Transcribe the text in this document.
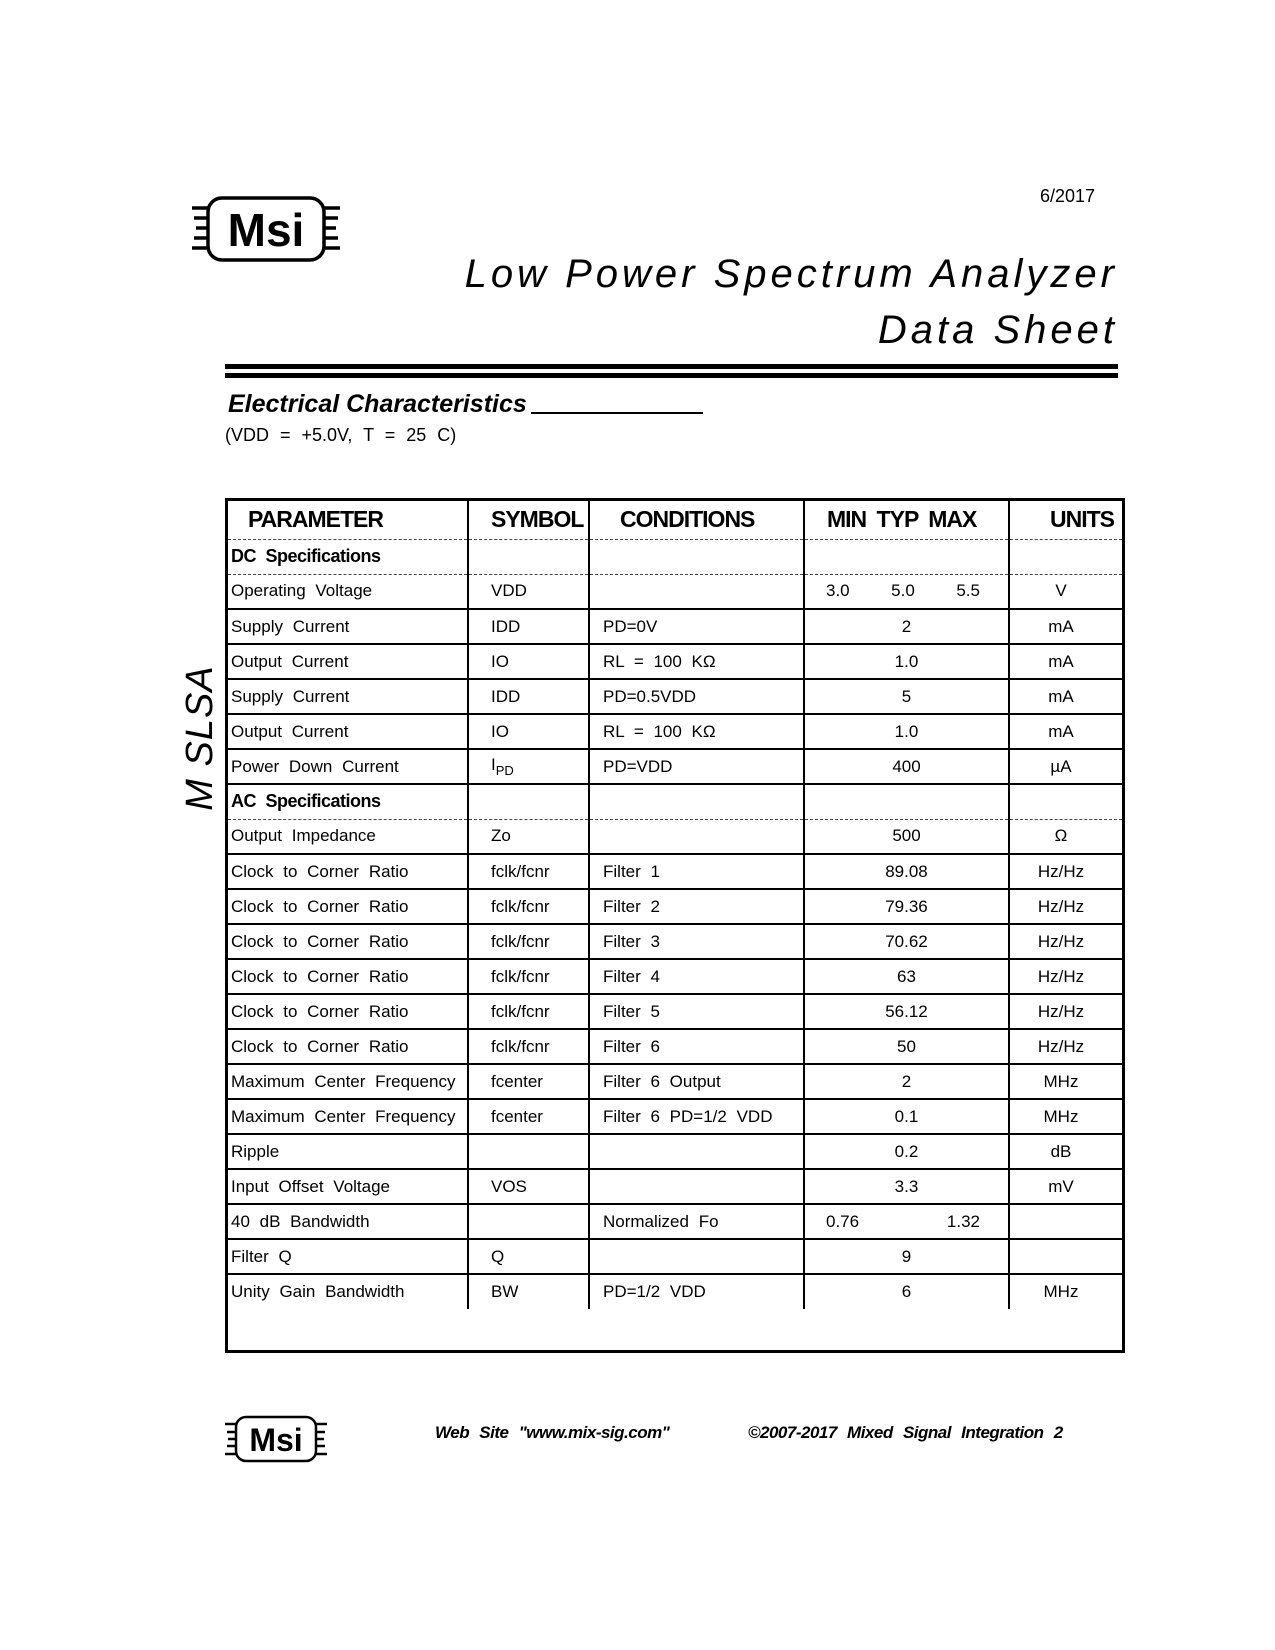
6/2017
Msi
Low Power Spectrum Analyzer
Data Sheet
Electrical Characteristics
(VDD = +5.0V, T = 25 C)
M SLSA
PARAMETER	SYMBOL	CONDITIONS	MIN TYP MAX	UNITS
DC Specifications				
Operating Voltage	VDD		3.0 5.0 5.5	V
Supply Current	IDD	PD=0V	2	mA
Output Current	IO	RL = 100 KΩ	1.0	mA
Supply Current	IDD	PD=0.5VDD	5	mA
Output Current	IO	RL = 100 KΩ	1.0	mA
Power Down Current	$I_{PD}$	PD=VDD	400	µA
AC Specifications				
Output Impedance	Zo		500	Ω
Clock to Corner Ratio	fclk/fcnr	Filter 1	89.08	Hz/Hz
Clock to Corner Ratio	fclk/fcnr	Filter 2	79.36	Hz/Hz
Clock to Corner Ratio	fclk/fcnr	Filter 3	70.62	Hz/Hz
Clock to Corner Ratio	fclk/fcnr	Filter 4	63	Hz/Hz
Clock to Corner Ratio	fclk/fcnr	Filter 5	56.12	Hz/Hz
Clock to Corner Ratio	fclk/fcnr	Filter 6	50	Hz/Hz
Maximum Center Frequency	fcenter	Filter 6 Output	2	MHz
Maximum Center Frequency	fcenter	Filter 6 PD=1/2 VDD	0.1	MHz
Ripple			0.2	dB
Input Offset Voltage	VOS		3.3	mV
40 dB Bandwidth		Normalized Fo	0.76 1.32	

Filter Q	Q		9	
Unity Gain Bandwidth	BW	PD=1/2 VDD	6	MHz
Msi	Web Site "www.mix-sig.com"	©2007-2017 Mixed Signal Integration 2
